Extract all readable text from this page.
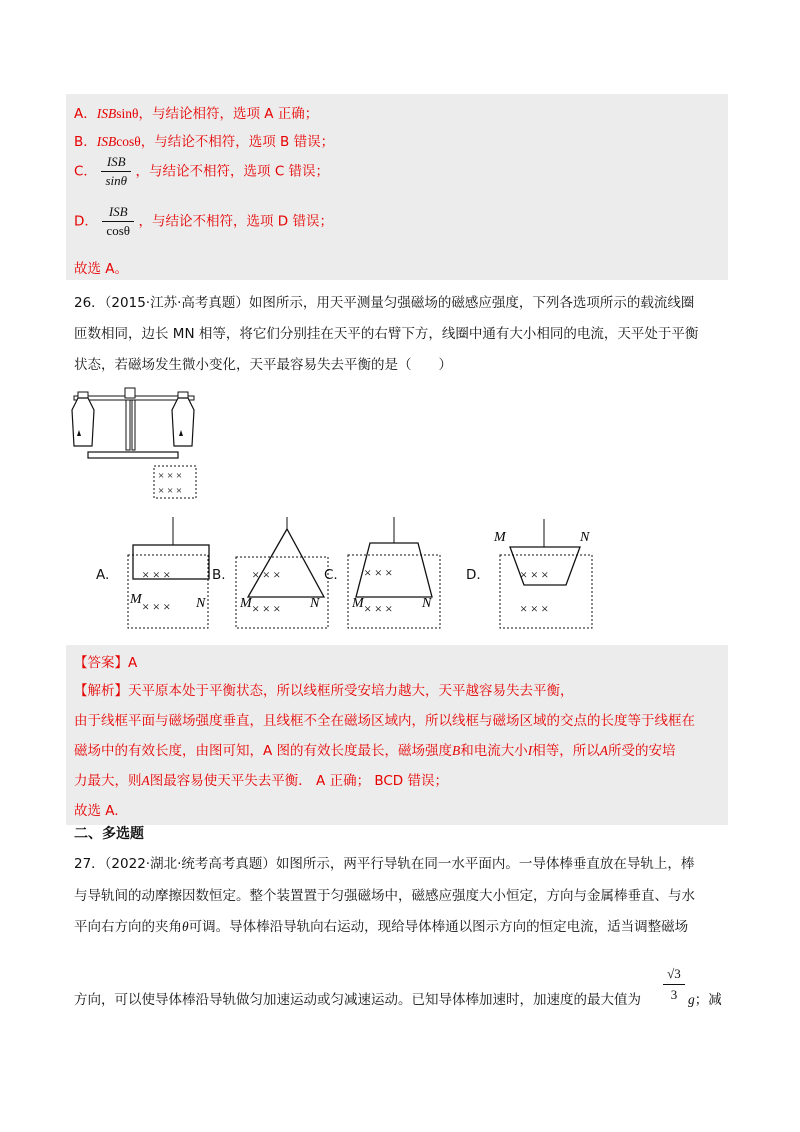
A．ISBsinθ，与结论相符，选项 A 正确；
B．ISBcosθ，与结论不相符，选项 B 错误；
C． $\frac{\text{ISB}}{\sin\theta}$ ，与结论不相符，选项 C 错误；
D． $\frac{\text{ISB}}{\cos\theta}$ ，与结论不相符，选项 D 错误；
故选 A。
26．（2015·江苏·高考真题）如图所示，用天平测量匀强磁场的磁感应强度，下列各选项所示的载流线圈
匝数相同，边长 MN 相等，将它们分别挂在天平的右臂下方，线圈中通有大小相同的电流，天平处于平衡
状态，若磁场发生微小变化，天平最容易失去平衡的是（　　）
× × ×
× × ×
A.	× × ×
× × ×
M	N
B. × × ×
× × ×
M	N
C. × × ×
× × ×
M	N
D.	× × ×
× × ×
M	N
【答案】A
【解析】天平原本处于平衡状态，所以线框所受安培力越大，天平越容易失去平衡，
由于线框平面与磁场强度垂直，且线框不全在磁场区域内，所以线框与磁场区域的交点的长度等于线框在
磁场中的有效长度，由图可知，A 图的有效长度最长，磁场强度B和电流大小I相等，所以A所受的安培
力最大，则A图最容易使天平失去平衡． A 正确； BCD 错误；
故选 A.
二、多选题
27．（2022·湖北·统考高考真题）如图所示，两平行导轨在同一水平面内。一导体棒垂直放在导轨上，棒
与导轨间的动摩擦因数恒定。整个装置置于匀强磁场中，磁感应强度大小恒定，方向与金属棒垂直、与水
平向右方向的夹角θ可调。导体棒沿导轨向右运动，现给导体棒通以图示方向的恒定电流，适当调整磁场
方向，可以使导体棒沿导轨做匀加速运动或匀减速运动。已知导体棒加速时，加速度的最大值为
√3
3 g；减
